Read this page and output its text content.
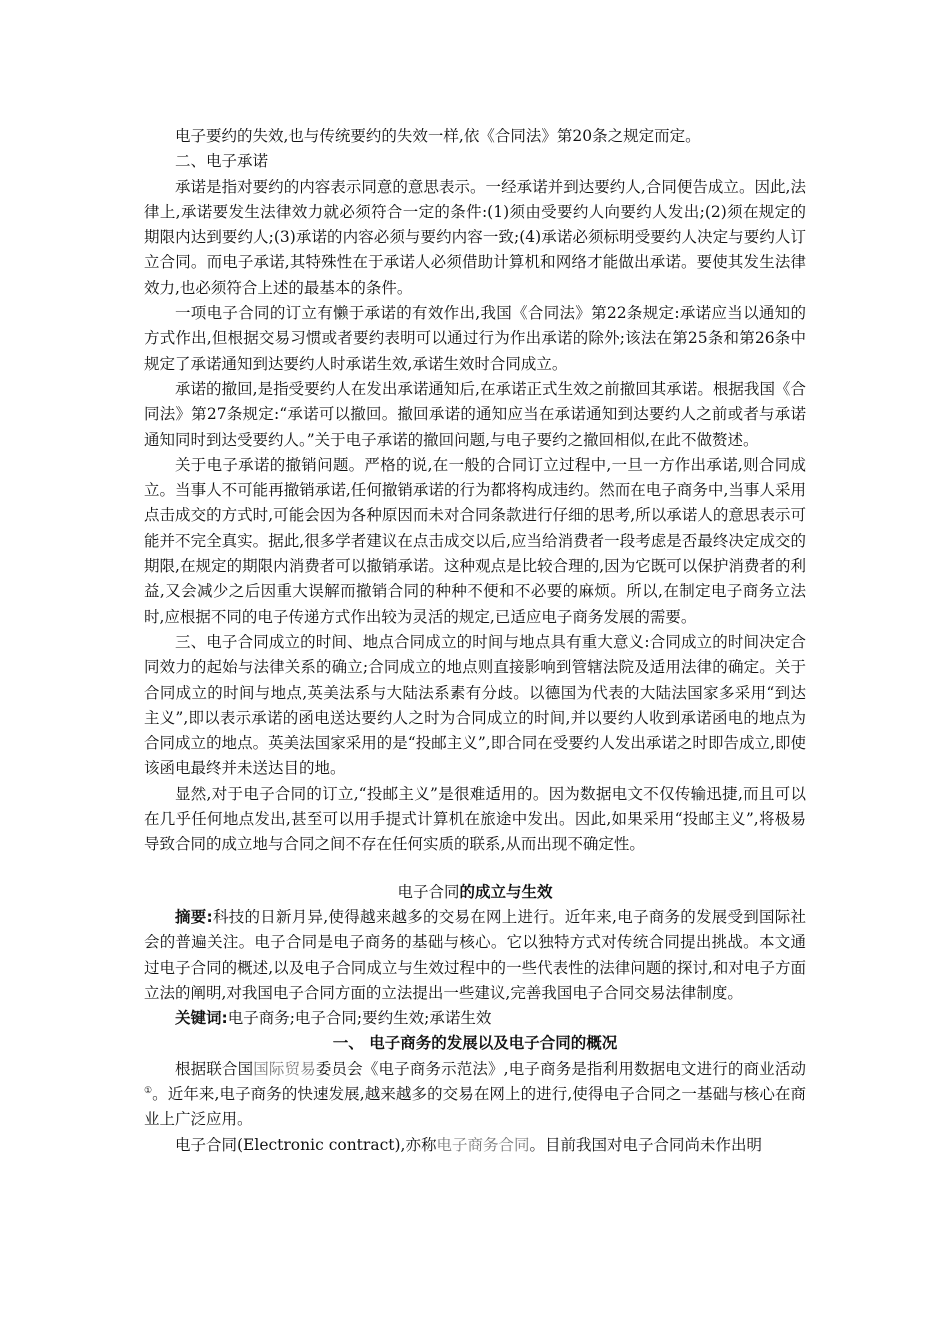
电子要约的失效,也与传统要约的失效一样,依《合同法》第20条之规定而定。

二、电子承诺

承诺是指对要约的内容表示同意的意思表示。一经承诺并到达要约人,合同便告成立。因此,法律上,承诺要发生法律效力就必须符合一定的条件:(1)须由受要约人向要约人发出;(2)须在规定的期限内达到要约人;(3)承诺的内容必须与要约内容一致;(4)承诺必须标明受要约人决定与要约人订立合同。而电子承诺,其特殊性在于承诺人必须借助计算机和网络才能做出承诺。要使其发生法律效力,也必须符合上述的最基本的条件。

一项电子合同的订立有懒于承诺的有效作出,我国《合同法》第22条规定:承诺应当以通知的方式作出,但根据交易习惯或者要约表明可以通过行为作出承诺的除外;该法在第25条和第26条中规定了承诺通知到达要约人时承诺生效,承诺生效时合同成立。

承诺的撤回,是指受要约人在发出承诺通知后,在承诺正式生效之前撤回其承诺。根据我国《合同法》第27条规定:“承诺可以撤回。撤回承诺的通知应当在承诺通知到达要约人之前或者与承诺通知同时到达受要约人。”关于电子承诺的撤回问题,与电子要约之撤回相似,在此不做赘述。

关于电子承诺的撤销问题。严格的说,在一般的合同订立过程中,一旦一方作出承诺,则合同成立。当事人不可能再撤销承诺,任何撤销承诺的行为都将构成违约。然而在电子商务中,当事人采用点击成交的方式时,可能会因为各种原因而未对合同条款进行仔细的思考,所以承诺人的意思表示可能并不完全真实。据此,很多学者建议在点击成交以后,应当给消费者一段考虑是否最终决定成交的期限,在规定的期限内消费者可以撤销承诺。这种观点是比较合理的,因为它既可以保护消费者的利益,又会减少之后因重大误解而撤销合同的种种不便和不必要的麻烦。所以,在制定电子商务立法时,应根据不同的电子传递方式作出较为灵活的规定,已适应电子商务发展的需要。

三、电子合同成立的时间、地点合同成立的时间与地点具有重大意义:合同成立的时间决定合同效力的起始与法律关系的确立;合同成立的地点则直接影响到管辖法院及适用法律的确定。关于合同成立的时间与地点,英美法系与大陆法系素有分歧。以德国为代表的大陆法国家多采用“到达主义”,即以表示承诺的函电送达要约人之时为合同成立的时间,并以要约人收到承诺函电的地点为合同成立的地点。英美法国家采用的是“投邮主义”,即合同在受要约人发出承诺之时即告成立,即使该函电最终并未送达目的地。

显然,对于电子合同的订立,“投邮主义”是很难适用的。因为数据电文不仅传输迅捷,而且可以在几乎任何地点发出,甚至可以用手提式计算机在旅途中发出。因此,如果采用“投邮主义”,将极易导致合同的成立地与合同之间不存在任何实质的联系,从而出现不确定性。

电子合同的成立与生效

摘要:科技的日新月异,使得越来越多的交易在网上进行。近年来,电子商务的发展受到国际社会的普遍关注。电子合同是电子商务的基础与核心。它以独特方式对传统合同提出挑战。本文通过电子合同的概述,以及电子合同成立与生效过程中的一些代表性的法律问题的探讨,和对电子方面立法的阐明,对我国电子合同方面的立法提出一些建议,完善我国电子合同交易法律制度。

关键词:电子商务;电子合同;要约生效;承诺生效

一、 电子商务的发展以及电子合同的概况

根据联合国国际贸易委员会《电子商务示范法》,电子商务是指利用数据电文进行的商业活动①。近年来,电子商务的快速发展,越来越多的交易在网上的进行,使得电子合同之一基础与核心在商业上广泛应用。

电子合同(Electronic contract),亦称电子商务合同。目前我国对电子合同尚未作出明
